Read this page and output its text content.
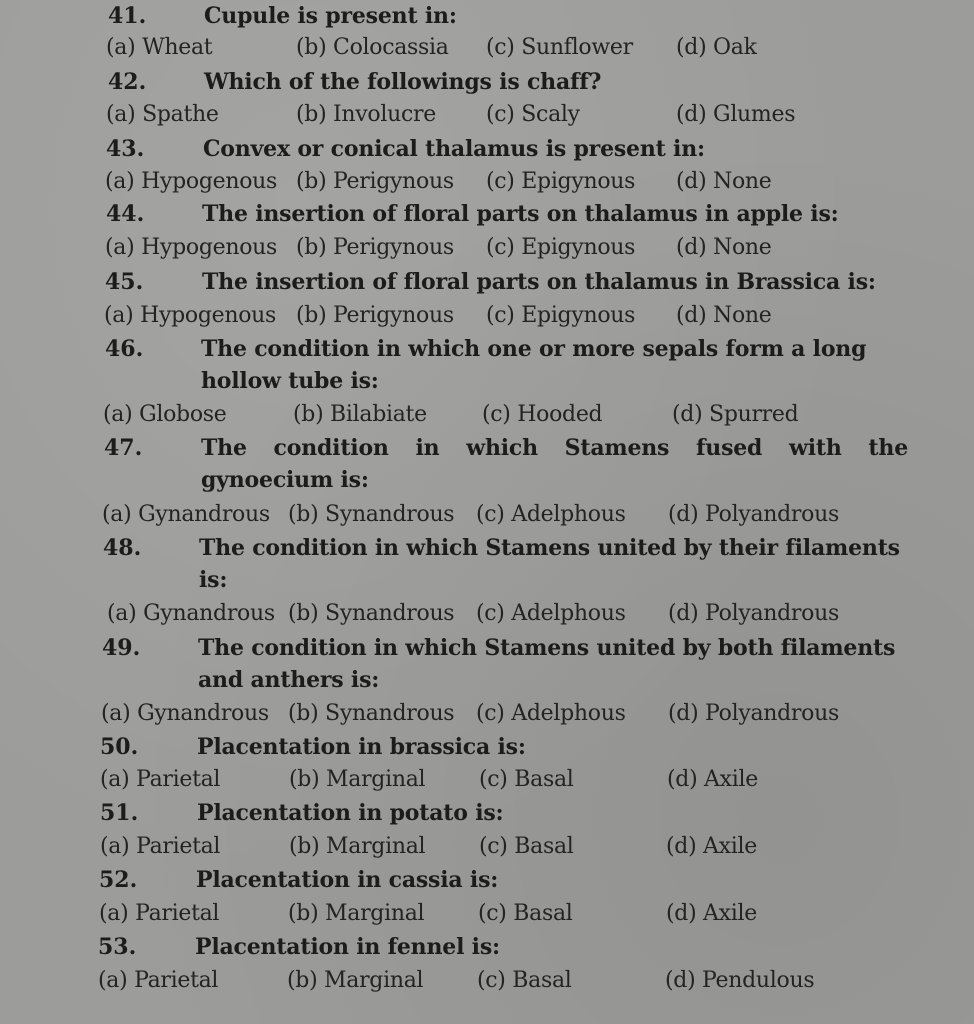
41.	Cupule is present in:
(a) Wheat	(b) Colocassia (c) Sunflower (d) Oak
42.	Which of the followings is chaff?
(a) Spathe	(b) Involucre (c) Scaly	(d) Glumes
43.	Convex or conical thalamus is present in:
(a) Hypogenous (b) Perigynous (c) Epigynous (d) None
44.	The insertion of floral parts on thalamus in apple is:
(a) Hypogenous (b) Perigynous (c) Epigynous (d) None
45.	The insertion of floral parts on thalamus in Brassica is:
(a) Hypogenous (b) Perigynous (c) Epigynous (d) None
46.	The condition in which one or more sepals form a long hollow tube is:
(a) Globose	(b) Bilabiate	(c) Hooded	(d) Spurred
47.	The condition in which Stamens fused with the gynoecium is:
(a) Gynandrous (b) Synandrous (c) Adelphous (d) Polyandrous
48.	The condition in which Stamens united by their filaments is:
(a) Gynandrous (b) Synandrous (c) Adelphous (d) Polyandrous
49.	The condition in which Stamens united by both filaments and anthers is:
(a) Gynandrous (b) Synandrous (c) Adelphous (d) Polyandrous
50.	Placentation in brassica is:
(a) Parietal	(b) Marginal (c) Basal	(d) Axile
51.	Placentation in potato is:
(a) Parietal	(b) Marginal (c) Basal	(d) Axile
52.	Placentation in cassia is:
(a) Parietal	(b) Marginal (c) Basal	(d) Axile
53.	Placentation in fennel is:
(a) Parietal	(b) Marginal (c) Basal	(d) Pendulous
